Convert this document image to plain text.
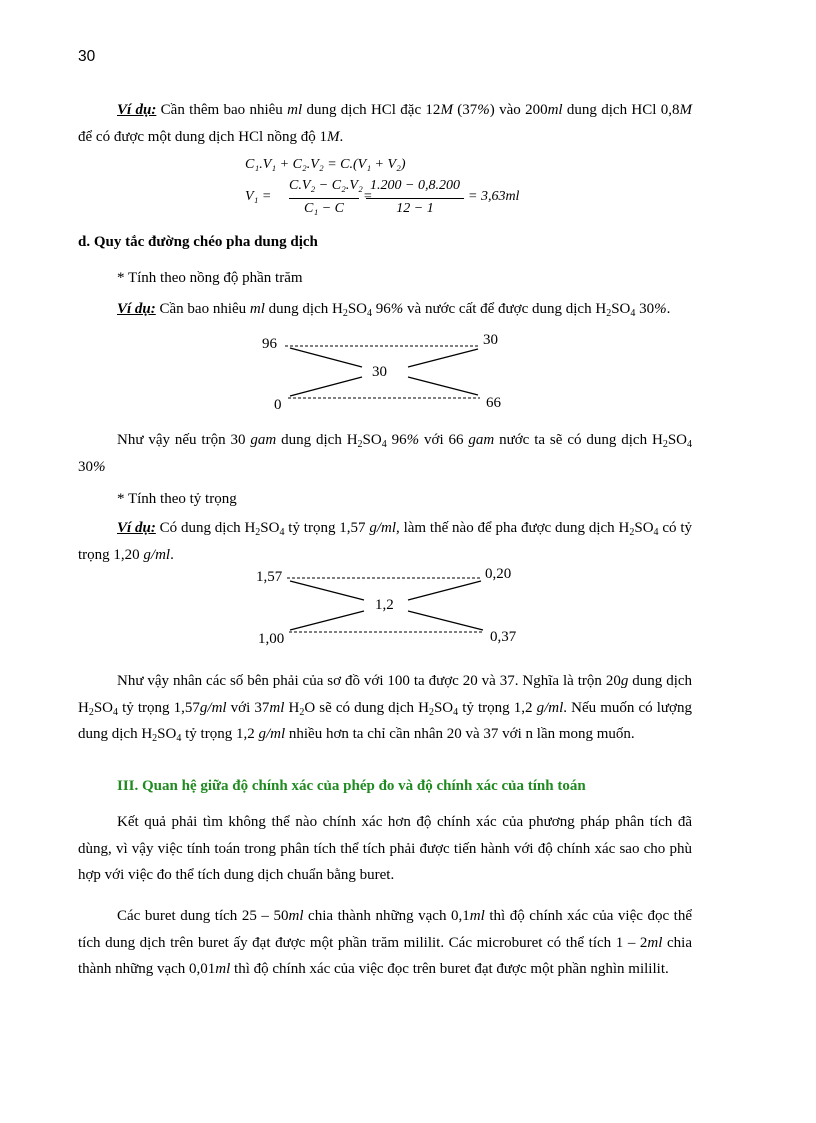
30

Ví dụ: Cần thêm bao nhiêu ml dung dịch HCl đặc 12M (37%) vào 200ml dung dịch HCl 0,8M để có được một dung dịch HCl nồng độ 1M.

C₁.V₁ + C₂.V₂ = C.(V₁ + V₂)
V₁ =
C.V₂ − C₂.V₂
C₁ − C
=
1.200 − 0,8.200
12 − 1
= 3,63ml
d. Quy tắc đường chéo pha dung dịch
* Tính theo nồng độ phần trăm

Ví dụ: Cần bao nhiêu ml dung dịch $H_2SO_4$ 96% và nước cất để được dung dịch $H_2SO_4$ 30%.

96	30
30
0	66

Như vậy nếu trộn 30 gam dung dịch $H_2SO_4$ 96% với 66 gam nước ta sẽ có dung dịch $H_2SO_4$ 30%

* Tính theo tỷ trọng

Ví dụ: Có dung dịch $H_2SO_4$ tỷ trọng 1,57 g/ml, làm thế nào để pha được dung dịch $H_2SO_4$ có tỷ trọng 1,20 g/ml.

1,57	0,20
1,2
1,00	0,37

Như vậy nhân các số bên phải của sơ đồ với 100 ta được 20 và 37. Nghĩa là trộn 20g dung dịch $H_2SO_4$ tỷ trọng 1,57g/ml với 37ml $H_2O$ sẽ có dung dịch $H_2SO_4$ tỷ trọng 1,2 g/ml. Nếu muốn có lượng dung dịch $H_2SO_4$ tỷ trọng 1,2 g/ml nhiều hơn ta chỉ cần nhân 20 và 37 với n lần mong muốn.

III. Quan hệ giữa độ chính xác của phép đo và độ chính xác của tính toán

Kết quả phải tìm không thể nào chính xác hơn độ chính xác của phương pháp phân tích đã dùng, vì vậy việc tính toán trong phân tích thể tích phải được tiến hành với độ chính xác sao cho phù hợp với việc đo thể tích dung dịch chuẩn bằng buret.

Các buret dung tích 25 – 50ml chia thành những vạch 0,1ml thì độ chính xác của việc đọc thể tích dung dịch trên buret ấy đạt được một phần trăm mililit. Các microburet có thể tích 1 – 2ml chia thành những vạch 0,01ml thì độ chính xác của việc đọc trên buret đạt được một phần nghìn mililit.
